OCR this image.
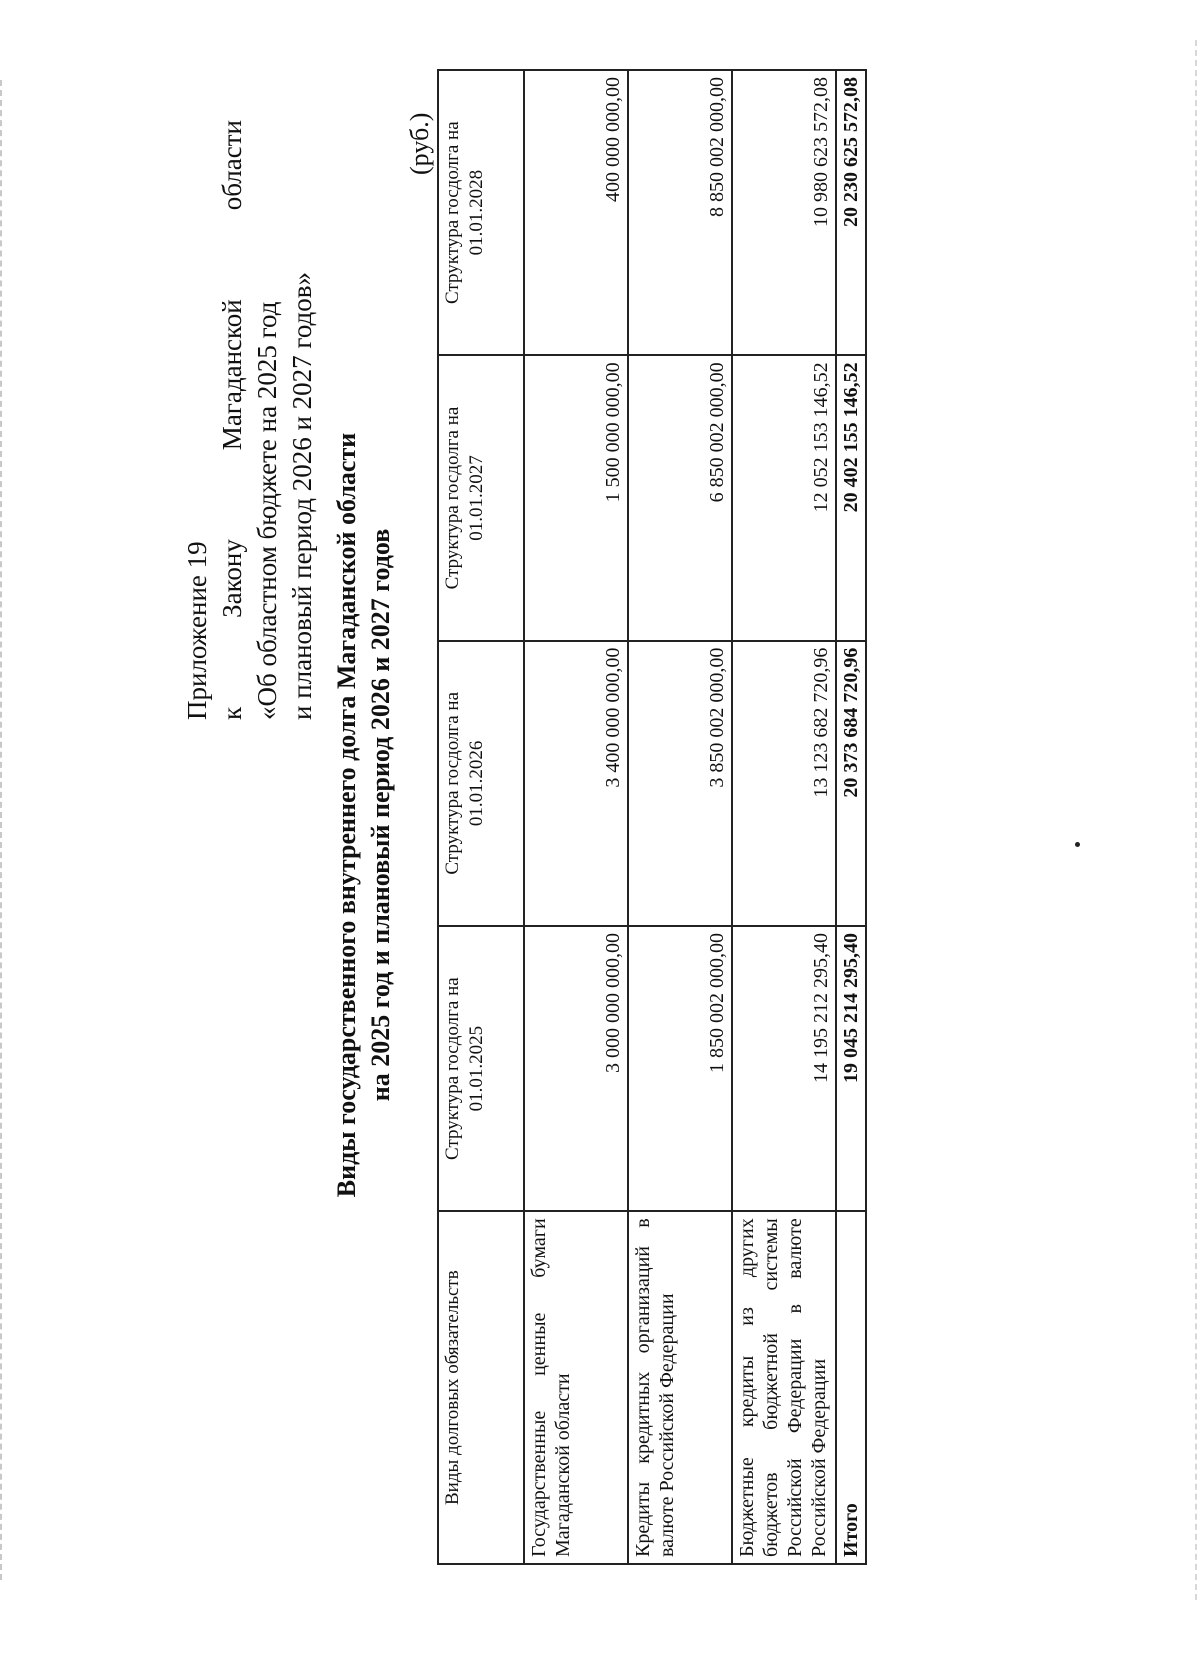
Приложение 19 к
Закону
Магаданской
области
«Об областном бюджете на 2025 год и плановый период 2026 и 2027 годов» Виды государственного внутреннего долга Магаданской области на 2025 год и плановый период 2026 и 2027 годов
(руб.)
Виды долговых обязательств	Структура госдолга на 01.01.2025	Структура госдолга на 01.01.2026	Структура госдолга на 01.01.2027	Структура госдолга на 01.01.2028
Государственные ценные бумаги Магаданской области	3 000 000 000,00	3 400 000 000,00	1 500 000 000,00	400 000 000,00
Кредиты кредитных организаций в валюте Российской Федерации	1 850 002 000,00	3 850 002 000,00	6 850 002 000,00	8 850 002 000,00
Бюджетные кредиты из других бюджетов бюджетной системы Российской Федерации в валюте Российской Федерации	14 195 212 295,40	13 123 682 720,96	12 052 153 146,52	10 980 623 572,08
Итого	19 045 214 295,40	20 373 684 720,96	20 402 155 146,52	20 230 625 572,08
